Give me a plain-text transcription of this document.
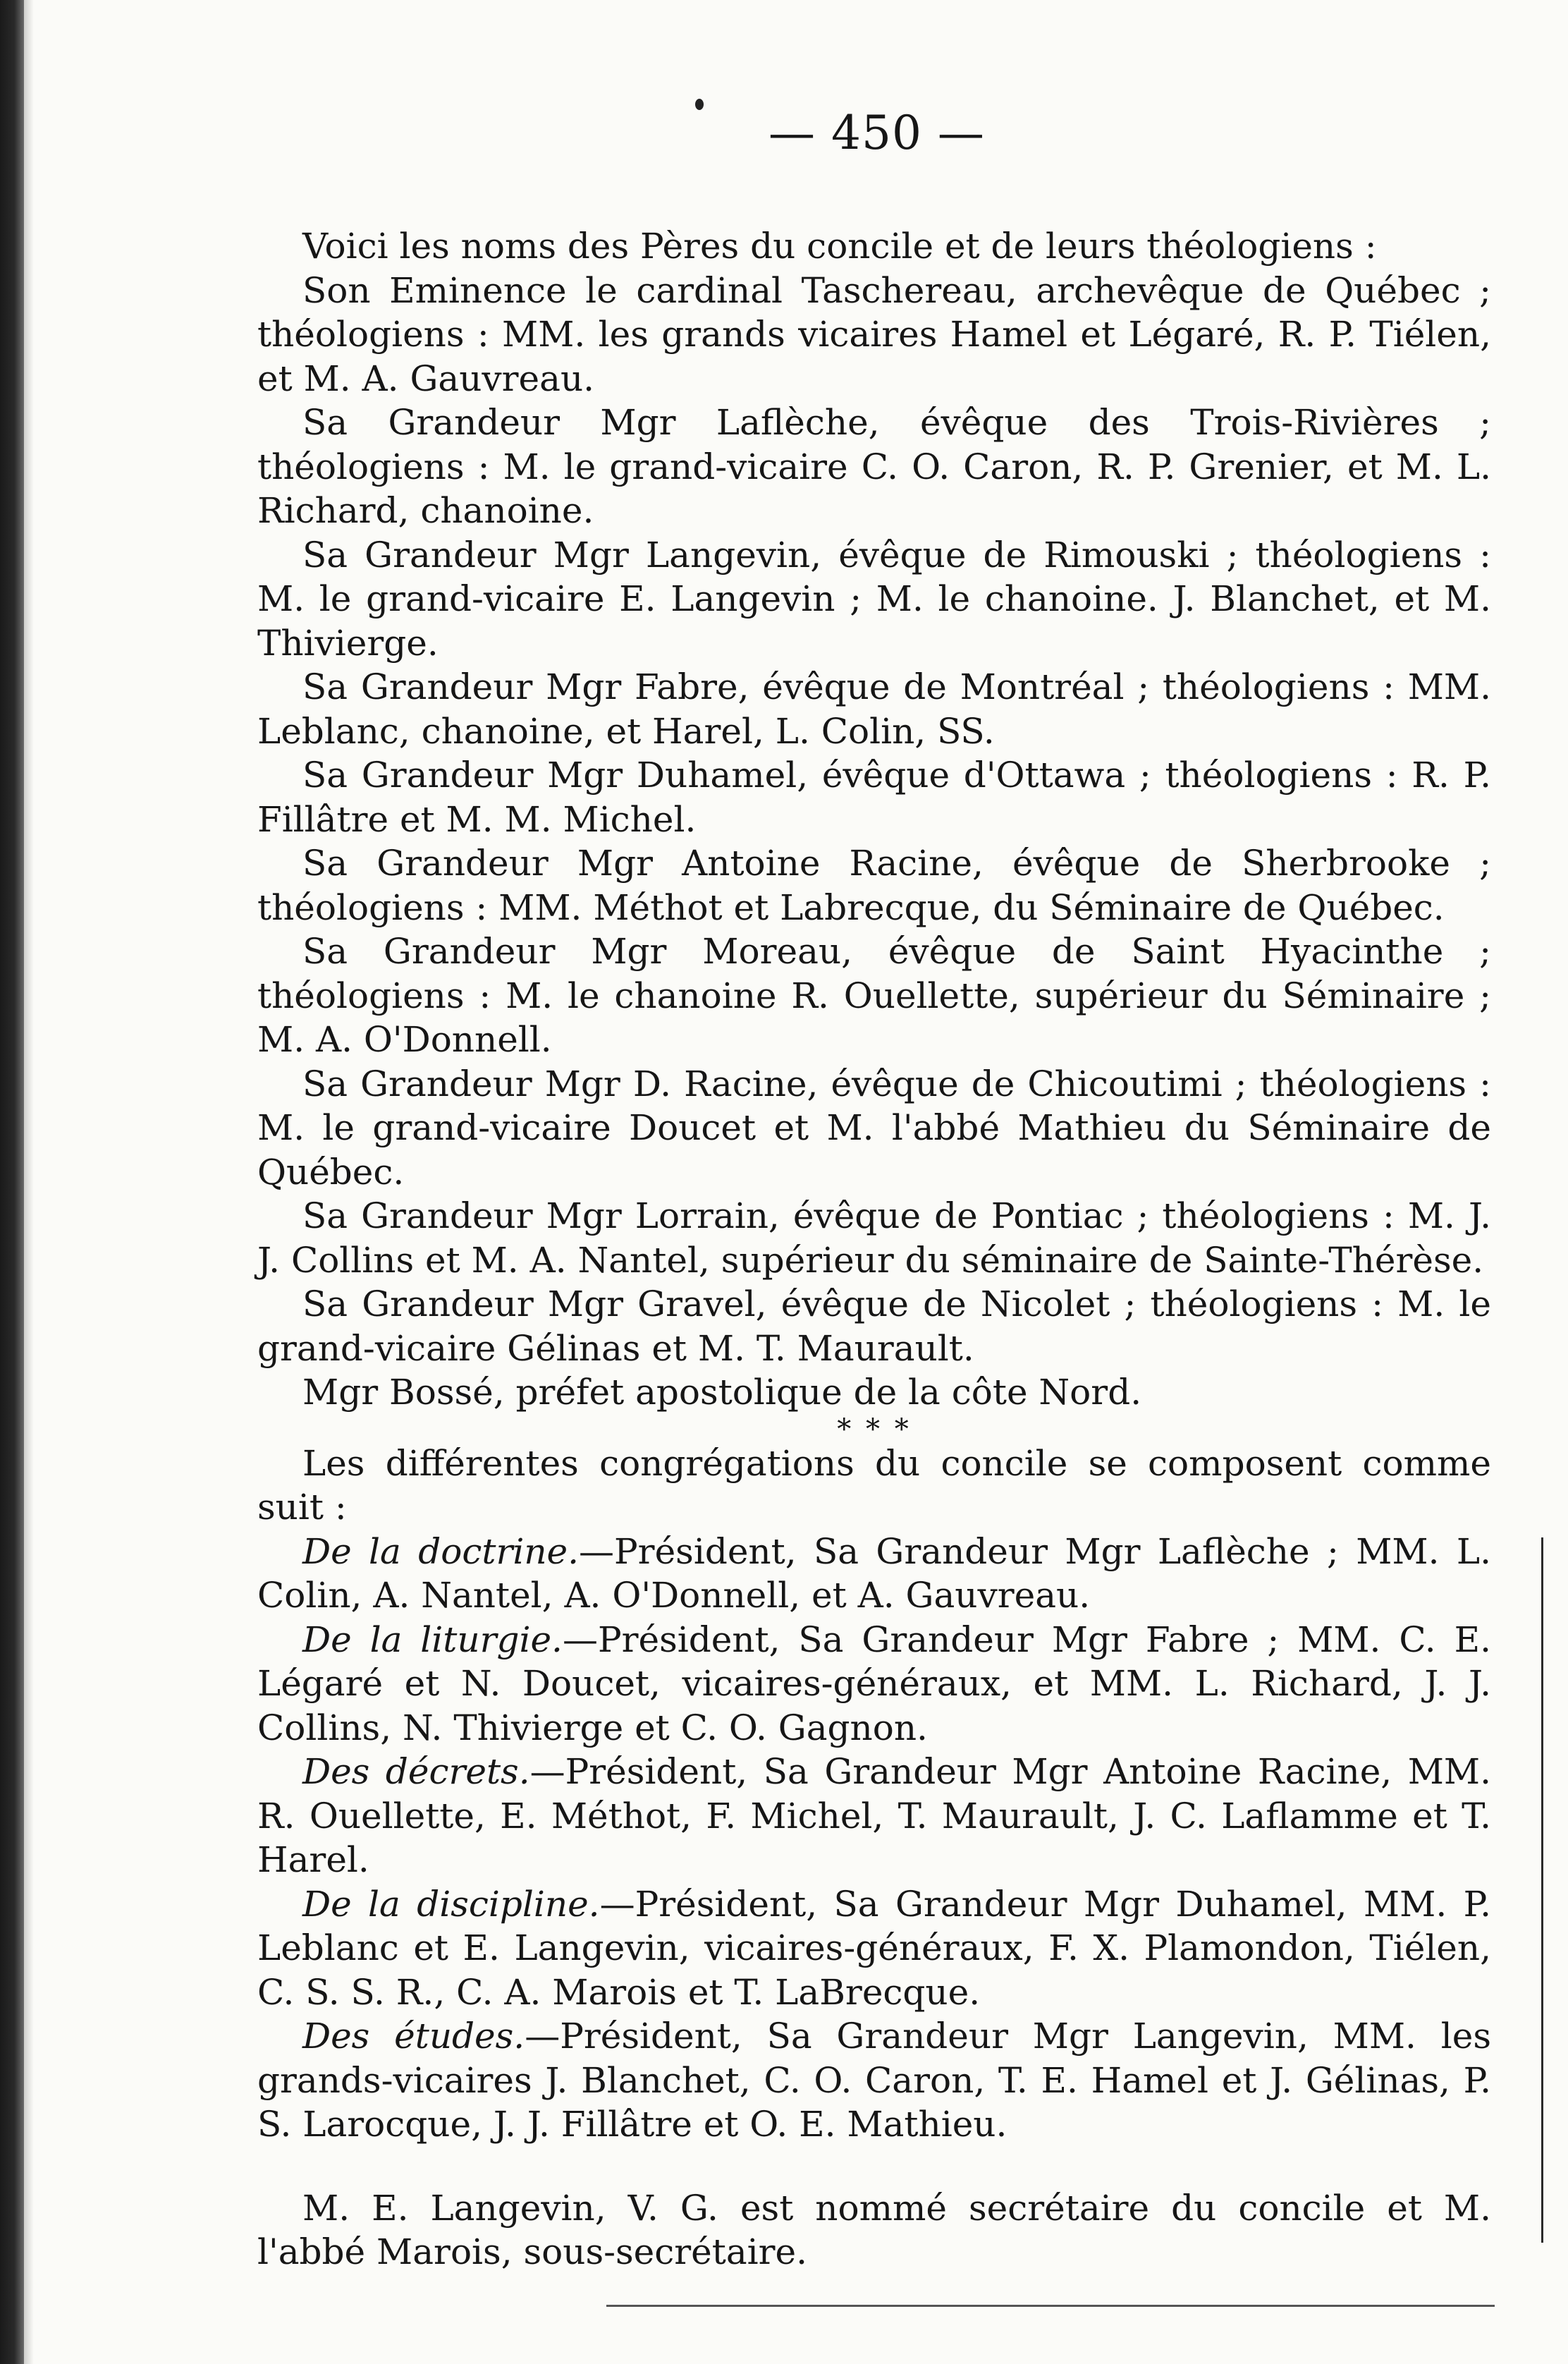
— 450 —

Voici les noms des Pères du concile et de leurs théologiens :

Son Eminence le cardinal Taschereau, archevêque de Québec ; théologiens : MM. les grands vicaires Hamel et Légaré, R. P. Tiélen, et M. A. Gauvreau.

Sa Grandeur Mgr Laflèche, évêque des Trois-Rivières ; théologiens : M. le grand-vicaire C. O. Caron, R. P. Grenier, et M. L. Richard, chanoine.

Sa Grandeur Mgr Langevin, évêque de Rimouski ; théologiens : M. le grand-vicaire E. Langevin ; M. le chanoine. J. Blanchet, et M. Thivierge.

Sa Grandeur Mgr Fabre, évêque de Montréal ; théologiens : MM. Leblanc, chanoine, et Harel, L. Colin, SS.

Sa Grandeur Mgr Duhamel, évêque d'Ottawa ; théologiens : R. P. Fillâtre et M. M. Michel.

Sa Grandeur Mgr Antoine Racine, évêque de Sherbrooke ; théologiens : MM. Méthot et Labrecque, du Séminaire de Québec.

Sa Grandeur Mgr Moreau, évêque de Saint Hyacinthe ; théologiens : M. le chanoine R. Ouellette, supérieur du Séminaire ; M. A. O'Donnell.

Sa Grandeur Mgr D. Racine, évêque de Chicoutimi ; théologiens : M. le grand-vicaire Doucet et M. l'abbé Mathieu du Séminaire de Québec.

Sa Grandeur Mgr Lorrain, évêque de Pontiac ; théologiens : M. J. J. Collins et M. A. Nantel, supérieur du séminaire de Sainte-Thérèse.

Sa Grandeur Mgr Gravel, évêque de Nicolet ; théologiens : M. le grand-vicaire Gélinas et M. T. Maurault.

Mgr Bossé, préfet apostolique de la côte Nord.

* * *

Les différentes congrégations du concile se composent comme suit :

De la doctrine.—Président, Sa Grandeur Mgr Laflèche ; MM. L. Colin, A. Nantel, A. O'Donnell, et A. Gauvreau.

De la liturgie.—Président, Sa Grandeur Mgr Fabre ; MM. C. E. Légaré et N. Doucet, vicaires-généraux, et MM. L. Richard, J. J. Collins, N. Thivierge et C. O. Gagnon.

Des décrets.—Président, Sa Grandeur Mgr Antoine Racine, MM. R. Ouellette, E. Méthot, F. Michel, T. Maurault, J. C. Laflamme et T. Harel.

De la discipline.—Président, Sa Grandeur Mgr Duhamel, MM. P. Leblanc et E. Langevin, vicaires-généraux, F. X. Plamondon, Tiélen, C. S. S. R., C. A. Marois et T. LaBrecque.

Des études.—Président, Sa Grandeur Mgr Langevin, MM. les grands-vicaires J. Blanchet, C. O. Caron, T. E. Hamel et J. Gélinas, P. S. Larocque, J. J. Fillâtre et O. E. Mathieu.

M. E. Langevin, V. G. est nommé secrétaire du concile et M. l'abbé Marois, sous-secrétaire.
